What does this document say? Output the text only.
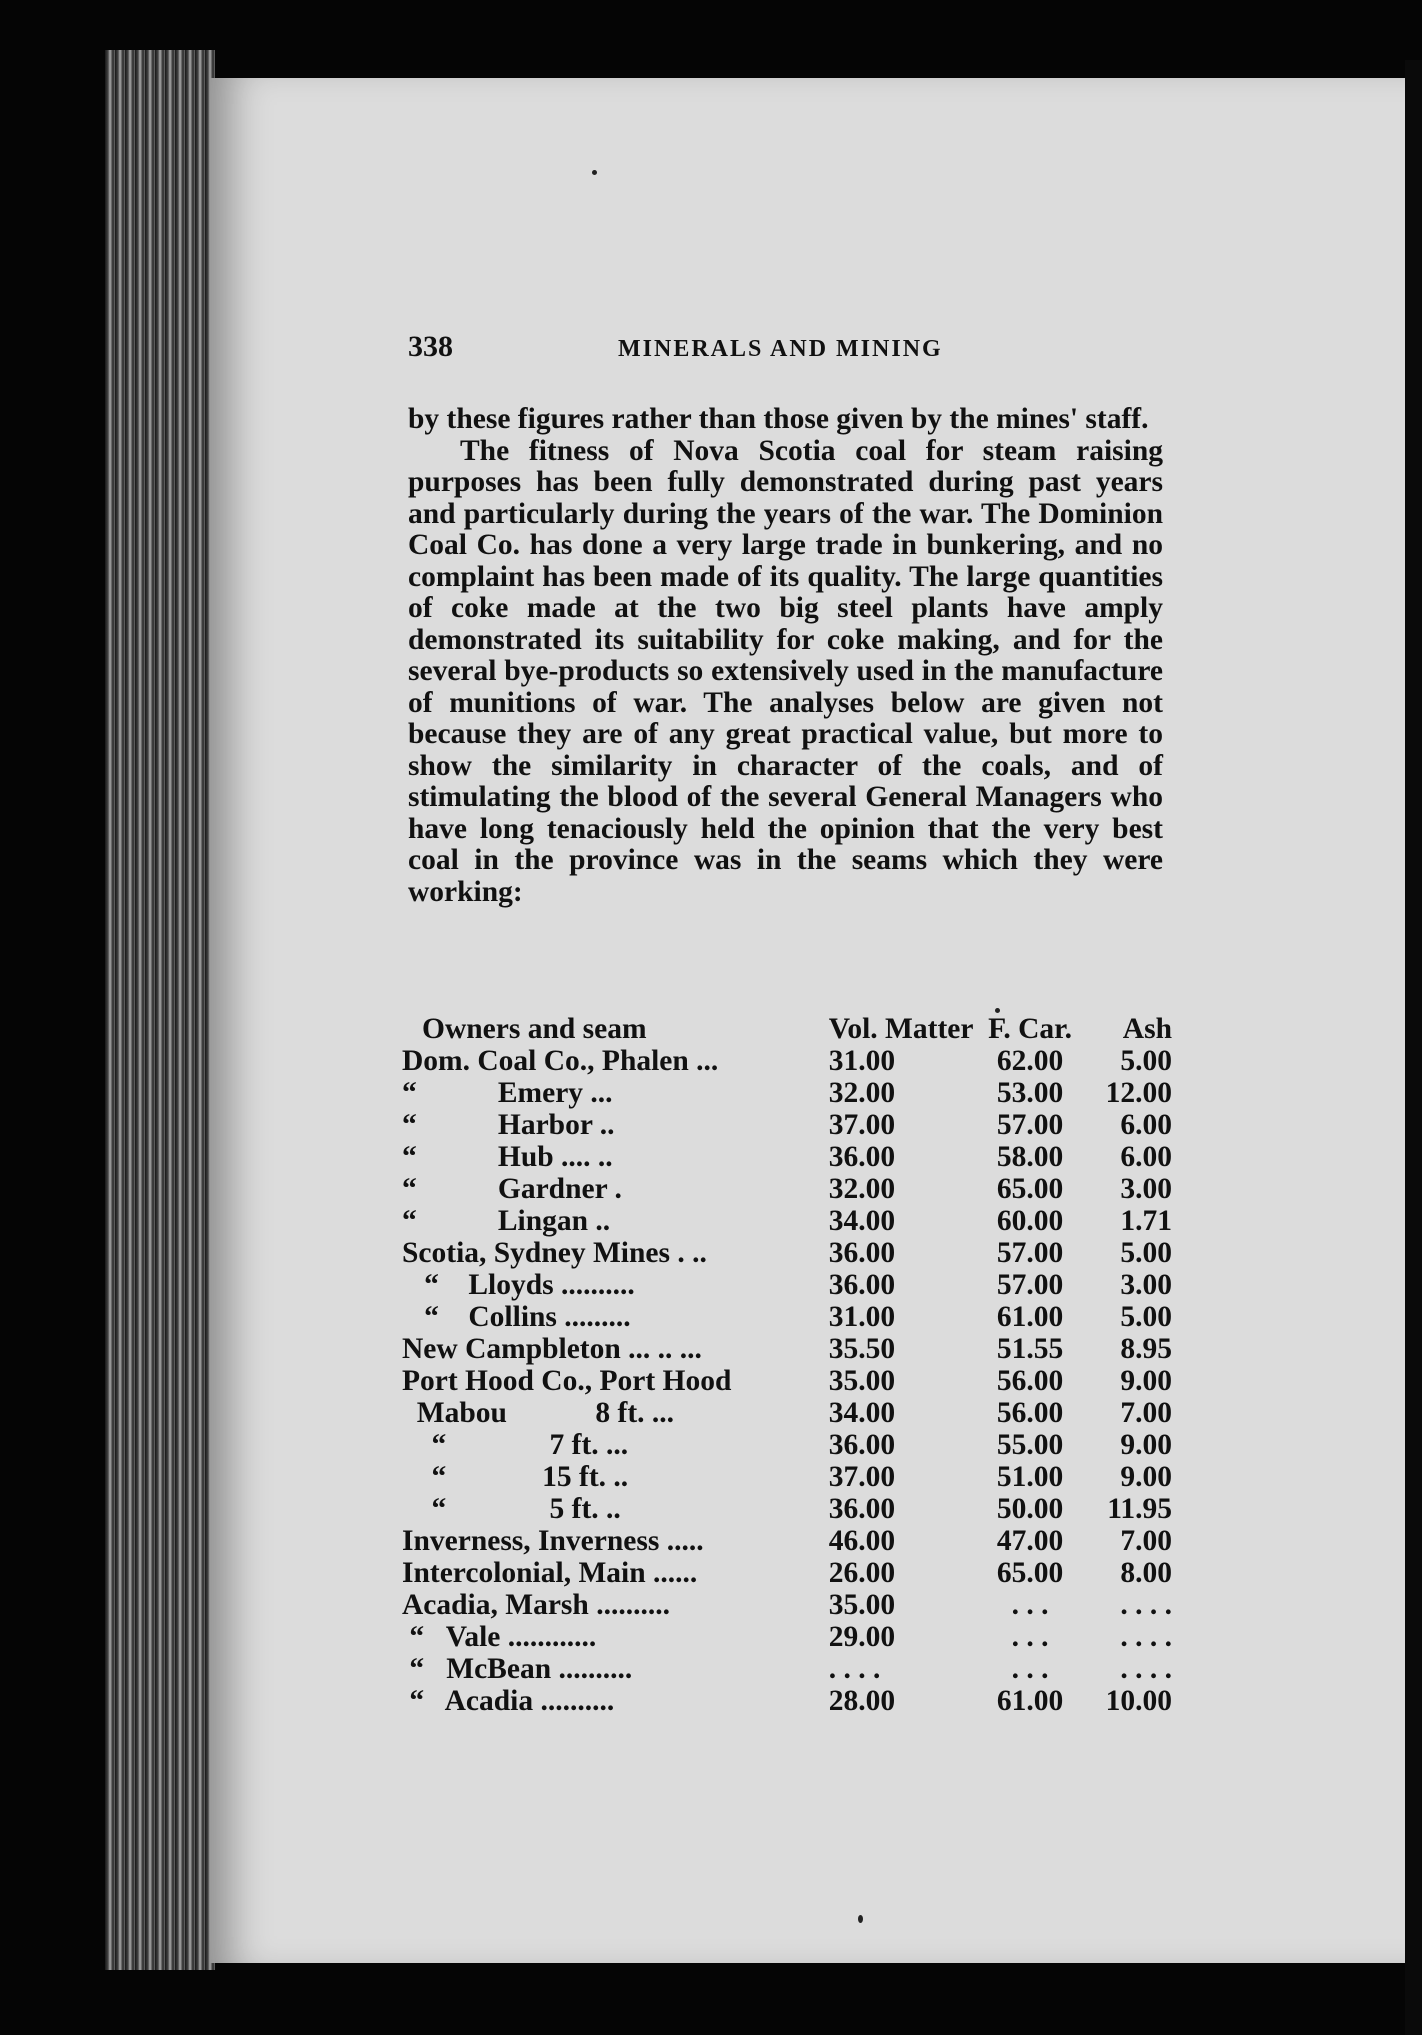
338	MINERALS AND MINING

by these figures rather than those given by the mines' staff.

The fitness of Nova Scotia coal for steam raising purposes has been fully demonstrated during past years and particularly during the years of the war. The Dominion Coal Co. has done a very large trade in bunkering, and no complaint has been made of its quality. The large quantities of coke made at the two big steel plants have amply demonstrated its suitability for coke making, and for the several bye-products so extensively used in the manufacture of munitions of war. The analyses below are given not because they are of any great practical value, but more to show the similarity in character of the coals, and of stimulating the blood of the several General Managers who have long tenaciously held the opinion that the very best coal in the province was in the seams which they were working:

Owners and seam	Vol. Matter	F. Car.	Ash
Dom. Coal Co., Phalen ...	31.00	62.00	5.00
“           Emery ...	32.00	53.00	12.00
“           Harbor ..	37.00	57.00	6.00
“           Hub .... ..	36.00	58.00	6.00
“           Gardner .	32.00	65.00	3.00
“           Lingan ..	34.00	60.00	1.71
Scotia, Sydney Mines . ..	36.00	57.00	5.00
“    Lloyds ..........	36.00	57.00	3.00
“    Collins .........	31.00	61.00	5.00
New Campbleton ... .. ...	35.50	51.55	8.95
Port Hood Co., Port Hood	35.00	56.00	9.00
Mabou            8 ft. ...	34.00	56.00	7.00
“              7 ft. ...	36.00	55.00	9.00
“             15 ft. ..	37.00	51.00	9.00
“              5 ft. ..	36.00	50.00	11.95
Inverness, Inverness .....	46.00	47.00	7.00
Intercolonial, Main ......	26.00	65.00	8.00
Acadia, Marsh ..........	35.00	. . .	. . . .
“   Vale ............	29.00	. . .	. . . .
“   McBean ..........	. . . .	. . .	. . . .
“   Acadia ..........	28.00	61.00	10.00
